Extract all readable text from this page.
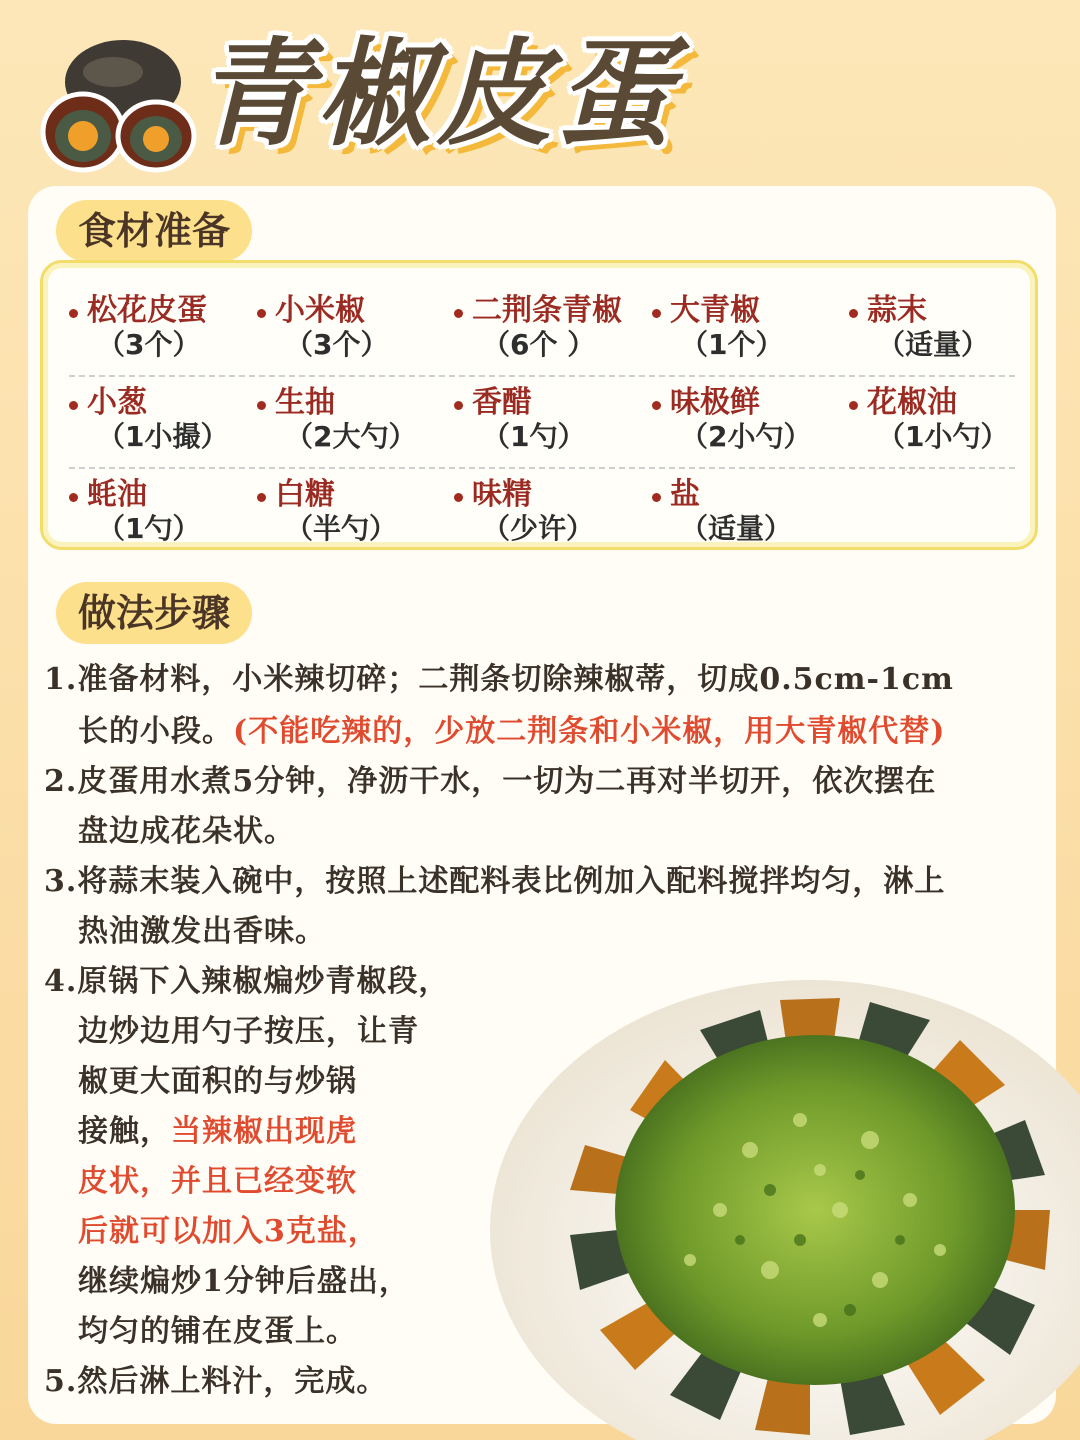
青椒皮蛋
食材准备
松花皮蛋
（3个）
小米椒
（3个）
二荆条青椒
（6个 ）
大青椒
（1个）
蒜末
（适量）
小葱
（1小撮）
生抽
（2大勺）
香醋
（1勺）
味极鲜
（2小勺）
花椒油
（1小勺）
蚝油
（1勺）
白糖
（半勺）
味精
（少许）
盐
（适量）
做法步骤
1.准备材料，小米辣切碎；二荆条切除辣椒蒂，切成0.5cm-1cm
长的小段。(不能吃辣的，少放二荆条和小米椒，用大青椒代替)
2.皮蛋用水煮5分钟，净沥干水，一切为二再对半切开，依次摆在
盘边成花朵状。
3.将蒜末装入碗中，按照上述配料表比例加入配料搅拌均匀，淋上
热油激发出香味。
4.原锅下入辣椒煸炒青椒段，
边炒边用勺子按压，让青
椒更大面积的与炒锅
接触，当辣椒出现虎
皮状，并且已经变软
后就可以加入3克盐，
继续煸炒1分钟后盛出，
均匀的铺在皮蛋上。
5.然后淋上料汁，完成。
